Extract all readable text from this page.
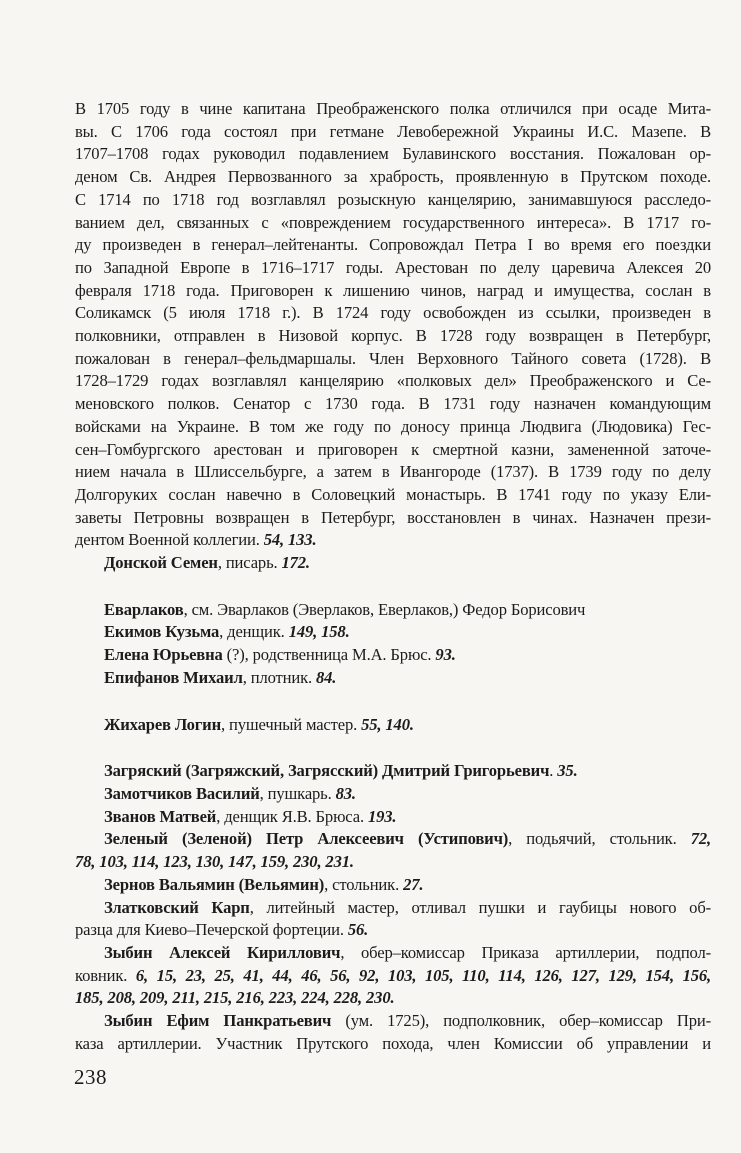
В 1705 году в чине капитана Преображенского полка отличился при осаде Мита-
вы. С 1706 года состоял при гетмане Левобережной Украины И.С. Мазепе. В
1707–1708 годах руководил подавлением Булавинского восстания. Пожалован ор-
деном Св. Андрея Первозванного за храбрость, проявленную в Прутском походе.
С 1714 по 1718 год возглавлял розыскную канцелярию, занимавшуюся расследо-
ванием дел, связанных с «повреждением государственного интереса». В 1717 го-
ду произведен в генерал–лейтенанты. Сопровождал Петра I во время его поездки
по Западной Европе в 1716–1717 годы. Арестован по делу царевича Алексея 20
февраля 1718 года. Приговорен к лишению чинов, наград и имущества, сослан в
Соликамск (5 июля 1718 г.). В 1724 году освобожден из ссылки, произведен в
полковники, отправлен в Низовой корпус. В 1728 году возвращен в Петербург,
пожалован в генерал–фельдмаршалы. Член Верховного Тайного совета (1728). В
1728–1729 годах возглавлял канцелярию «полковых дел» Преображенского и Се-
меновского полков. Сенатор с 1730 года. В 1731 году назначен командующим
войсками на Украине. В том же году по доносу принца Людвига (Людовика) Гес-
сен–Гомбургского арестован и приговорен к смертной казни, замененной заточе-
нием начала в Шлиссельбурге, а затем в Ивангороде (1737). В 1739 году по делу
Долгоруких сослан навечно в Соловецкий монастырь. В 1741 году по указу Ели-
заветы Петровны возвращен в Петербург, восстановлен в чинах. Назначен прези-
дентом Военной коллегии. 54, 133.
Донской Семен, писарь. 172.
Еварлаков, см. Эварлаков (Эверлаков, Еверлаков,) Федор Борисович
Екимов Кузьма, денщик. 149, 158.
Елена Юрьевна (?), родственница М.А. Брюс. 93.
Епифанов Михаил, плотник. 84.
Жихарев Логин, пушечный мастер. 55, 140.
Загряский (Загряжский, Загрясский) Дмитрий Григорьевич. 35.
Замотчиков Василий, пушкарь. 83.
Званов Матвей, денщик Я.В. Брюса. 193.
Зеленый (Зеленой) Петр Алексеевич (Устипович), подьячий, стольник. 72,
78, 103, 114, 123, 130, 147, 159, 230, 231.
Зернов Вальямин (Вельямин), стольник. 27.
Златковский Карп, литейный мастер, отливал пушки и гаубицы нового об-
разца для Киево–Печерской фортеции. 56.
Зыбин Алексей Кириллович, обер–комиссар Приказа артиллерии, подпол-
ковник. 6, 15, 23, 25, 41, 44, 46, 56, 92, 103, 105, 110, 114, 126, 127, 129, 154, 156,
185, 208, 209, 211, 215, 216, 223, 224, 228, 230.
Зыбин Ефим Панкратьевич (ум. 1725), подполковник, обер–комиссар При-
каза артиллерии. Участник Прутского похода, член Комиссии об управлении и
238
